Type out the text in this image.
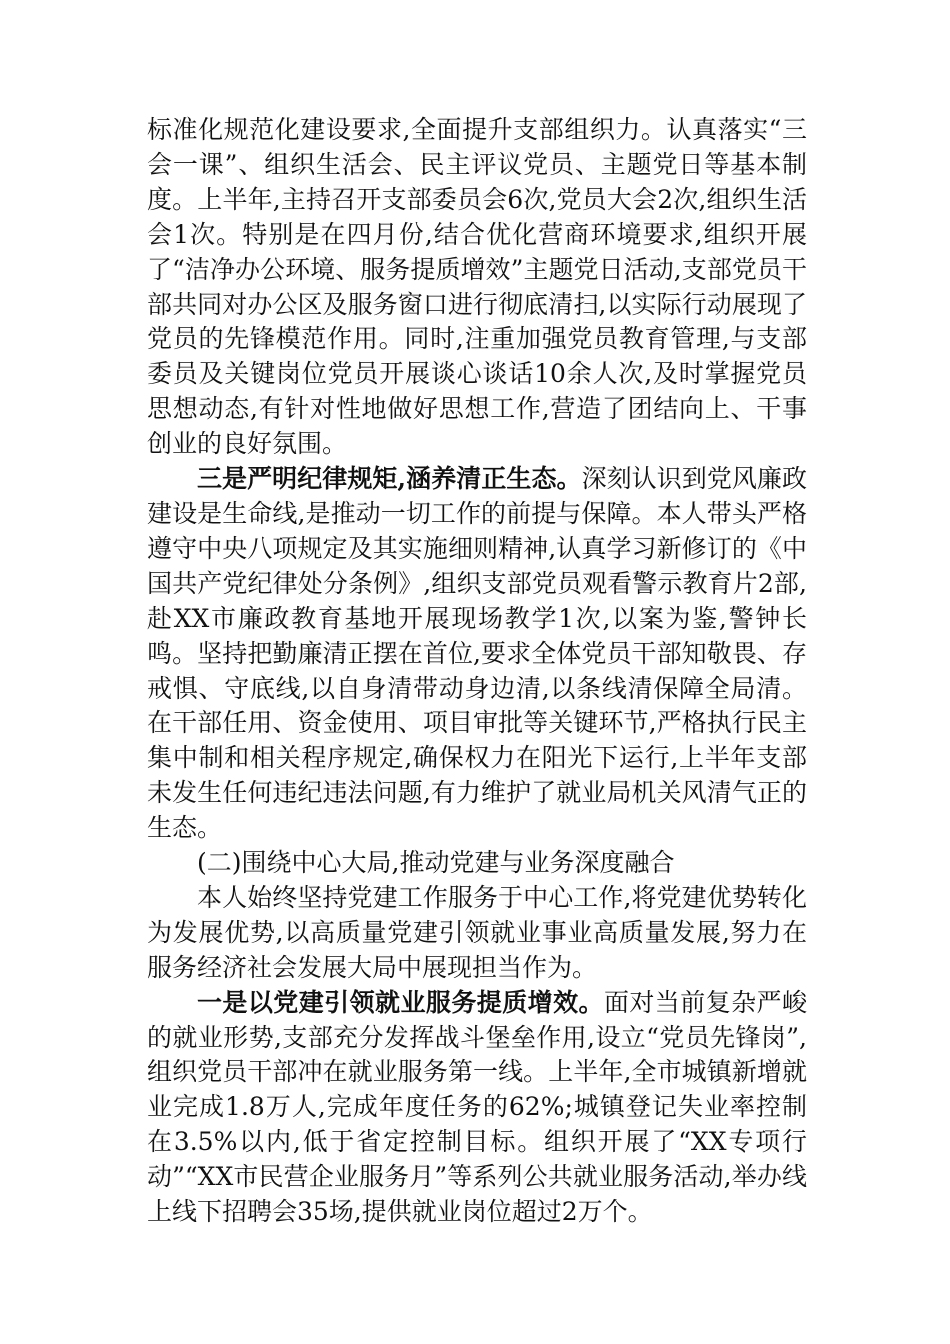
标准化规范化建设要求,全面提升支部组织力。认真落实“三会一课”、组织生活会、民主评议党员、主题党日等基本制度。上半年,主持召开支部委员会6次,党员大会2次,组织生活会1次。特别是在四月份,结合优化营商环境要求,组织开展了“洁净办公环境、服务提质增效”主题党日活动,支部党员干部共同对办公区及服务窗口进行彻底清扫,以实际行动展现了党员的先锋模范作用。同时,注重加强党员教育管理,与支部委员及关键岗位党员开展谈心谈话10余人次,及时掌握党员思想动态,有针对性地做好思想工作,营造了团结向上、干事创业的良好氛围。

三是严明纪律规矩,涵养清正生态。深刻认识到党风廉政建设是生命线,是推动一切工作的前提与保障。本人带头严格遵守中央八项规定及其实施细则精神,认真学习新修订的《中国共产党纪律处分条例》,组织支部党员观看警示教育片2部,赴XX市廉政教育基地开展现场教学1次,以案为鉴,警钟长鸣。坚持把勤廉清正摆在首位,要求全体党员干部知敬畏、存戒惧、守底线,以自身清带动身边清,以条线清保障全局清。在干部任用、资金使用、项目审批等关键环节,严格执行民主集中制和相关程序规定,确保权力在阳光下运行,上半年支部未发生任何违纪违法问题,有力维护了就业局机关风清气正的生态。

(二)围绕中心大局,推动党建与业务深度融合

本人始终坚持党建工作服务于中心工作,将党建优势转化为发展优势,以高质量党建引领就业事业高质量发展,努力在服务经济社会发展大局中展现担当作为。

一是以党建引领就业服务提质增效。面对当前复杂严峻的就业形势,支部充分发挥战斗堡垒作用,设立“党员先锋岗”,组织党员干部冲在就业服务第一线。上半年,全市城镇新增就业完成1.8万人,完成年度任务的62%;城镇登记失业率控制在3.5%以内,低于省定控制目标。组织开展了“XX专项行动”“XX市民营企业服务月”等系列公共就业服务活动,举办线上线下招聘会35场,提供就业岗位超过2万个。
